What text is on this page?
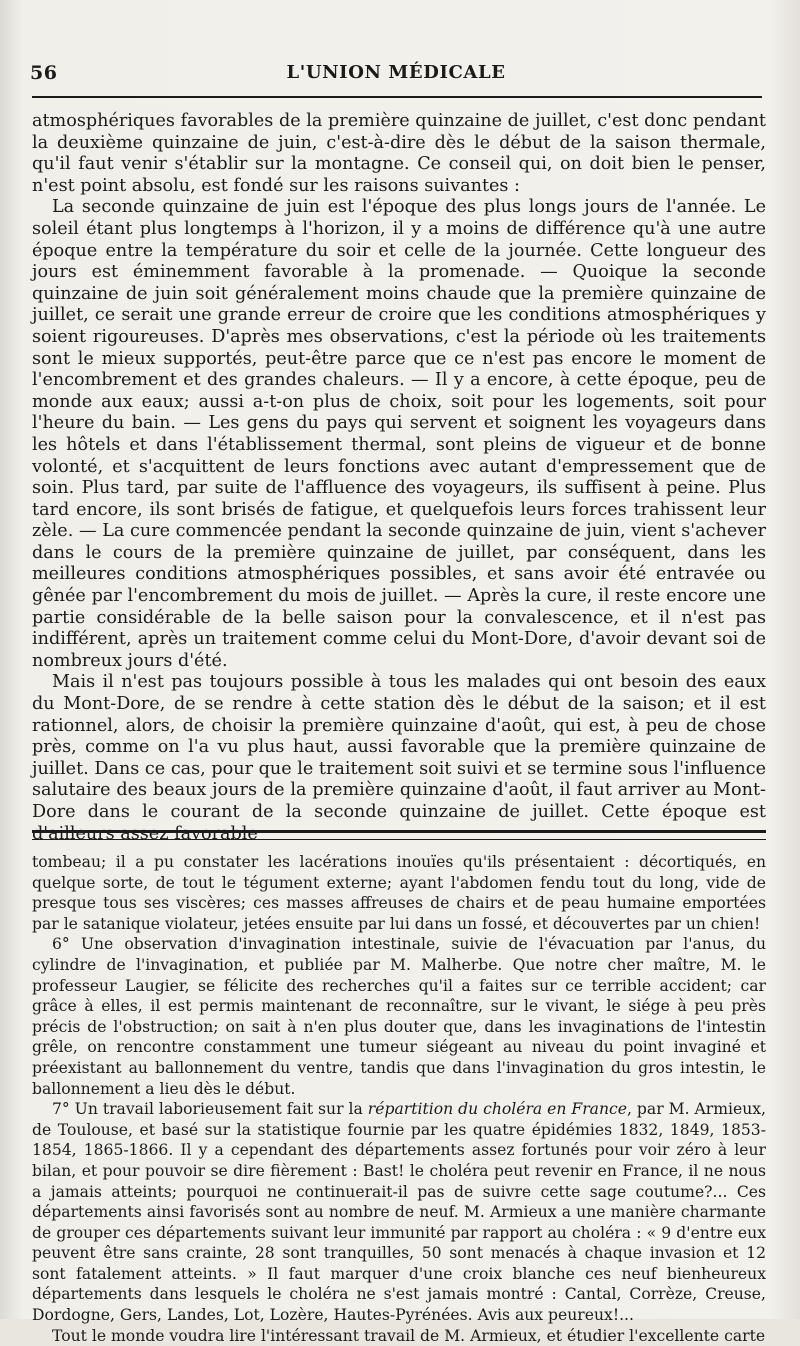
56	L'UNION MÉDICALE

atmosphériques favorables de la première quinzaine de juillet, c'est donc pendant la deuxième quinzaine de juin, c'est-à-dire dès le début de la saison thermale, qu'il faut venir s'établir sur la montagne. Ce conseil qui, on doit bien le penser, n'est point absolu, est fondé sur les raisons suivantes :

La seconde quinzaine de juin est l'époque des plus longs jours de l'année. Le soleil étant plus longtemps à l'horizon, il y a moins de différence qu'à une autre époque entre la température du soir et celle de la journée. Cette longueur des jours est éminemment favorable à la promenade. — Quoique la seconde quinzaine de juin soit généralement moins chaude que la première quinzaine de juillet, ce serait une grande erreur de croire que les conditions atmosphériques y soient rigoureuses. D'après mes observations, c'est la période où les traitements sont le mieux supportés, peut-être parce que ce n'est pas encore le moment de l'encombrement et des grandes chaleurs. — Il y a encore, à cette époque, peu de monde aux eaux; aussi a-t-on plus de choix, soit pour les logements, soit pour l'heure du bain. — Les gens du pays qui servent et soignent les voyageurs dans les hôtels et dans l'établissement thermal, sont pleins de vigueur et de bonne volonté, et s'acquittent de leurs fonctions avec autant d'empressement que de soin. Plus tard, par suite de l'affluence des voyageurs, ils suffisent à peine. Plus tard encore, ils sont brisés de fatigue, et quelquefois leurs forces trahissent leur zèle. — La cure commencée pendant la seconde quinzaine de juin, vient s'achever dans le cours de la première quinzaine de juillet, par conséquent, dans les meilleures conditions atmosphériques possibles, et sans avoir été entravée ou gênée par l'encombrement du mois de juillet. — Après la cure, il reste encore une partie considérable de la belle saison pour la convalescence, et il n'est pas indifférent, après un traitement comme celui du Mont-Dore, d'avoir devant soi de nombreux jours d'été.

Mais il n'est pas toujours possible à tous les malades qui ont besoin des eaux du Mont-Dore, de se rendre à cette station dès le début de la saison; et il est rationnel, alors, de choisir la première quinzaine d'août, qui est, à peu de chose près, comme on l'a vu plus haut, aussi favorable que la première quinzaine de juillet. Dans ce cas, pour que le traitement soit suivi et se termine sous l'influence salutaire des beaux jours de la première quinzaine d'août, il faut arriver au Mont-Dore dans le courant de la seconde quinzaine de juillet. Cette époque est d'ailleurs assez favorable

tombeau; il a pu constater les lacérations inouïes qu'ils présentaient : décortiqués, en quelque sorte, de tout le tégument externe; ayant l'abdomen fendu tout du long, vide de presque tous ses viscères; ces masses affreuses de chairs et de peau humaine emportées par le satanique violateur, jetées ensuite par lui dans un fossé, et découvertes par un chien!

6° Une observation d'invagination intestinale, suivie de l'évacuation par l'anus, du cylindre de l'invagination, et publiée par M. Malherbe. Que notre cher maître, M. le professeur Laugier, se félicite des recherches qu'il a faites sur ce terrible accident; car grâce à elles, il est permis maintenant de reconnaître, sur le vivant, le siége à peu près précis de l'obstruction; on sait à n'en plus douter que, dans les invaginations de l'intestin grêle, on rencontre constamment une tumeur siégeant au niveau du point invaginé et préexistant au ballonnement du ventre, tandis que dans l'invagination du gros intestin, le ballonnement a lieu dès le début.

7° Un travail laborieusement fait sur la répartition du choléra en France, par M. Armieux, de Toulouse, et basé sur la statistique fournie par les quatre épidémies 1832, 1849, 1853-1854, 1865-1866. Il y a cependant des départements assez fortunés pour voir zéro à leur bilan, et pour pouvoir se dire fièrement : Bast! le choléra peut revenir en France, il ne nous a jamais atteints; pourquoi ne continuerait-il pas de suivre cette sage coutume?... Ces départements ainsi favorisés sont au nombre de neuf. M. Armieux a une manière charmante de grouper ces départements suivant leur immunité par rapport au choléra : « 9 d'entre eux peuvent être sans crainte, 28 sont tranquilles, 50 sont menacés à chaque invasion et 12 sont fatalement atteints. » Il faut marquer d'une croix blanche ces neuf bienheureux départements dans lesquels le choléra ne s'est jamais montré : Cantal, Corrèze, Creuse, Dordogne, Gers, Landes, Lot, Lozère, Hautes-Pyrénées. Avis aux peureux!...

Tout le monde voudra lire l'intéressant travail de M. Armieux, et étudier l'excellente carte
